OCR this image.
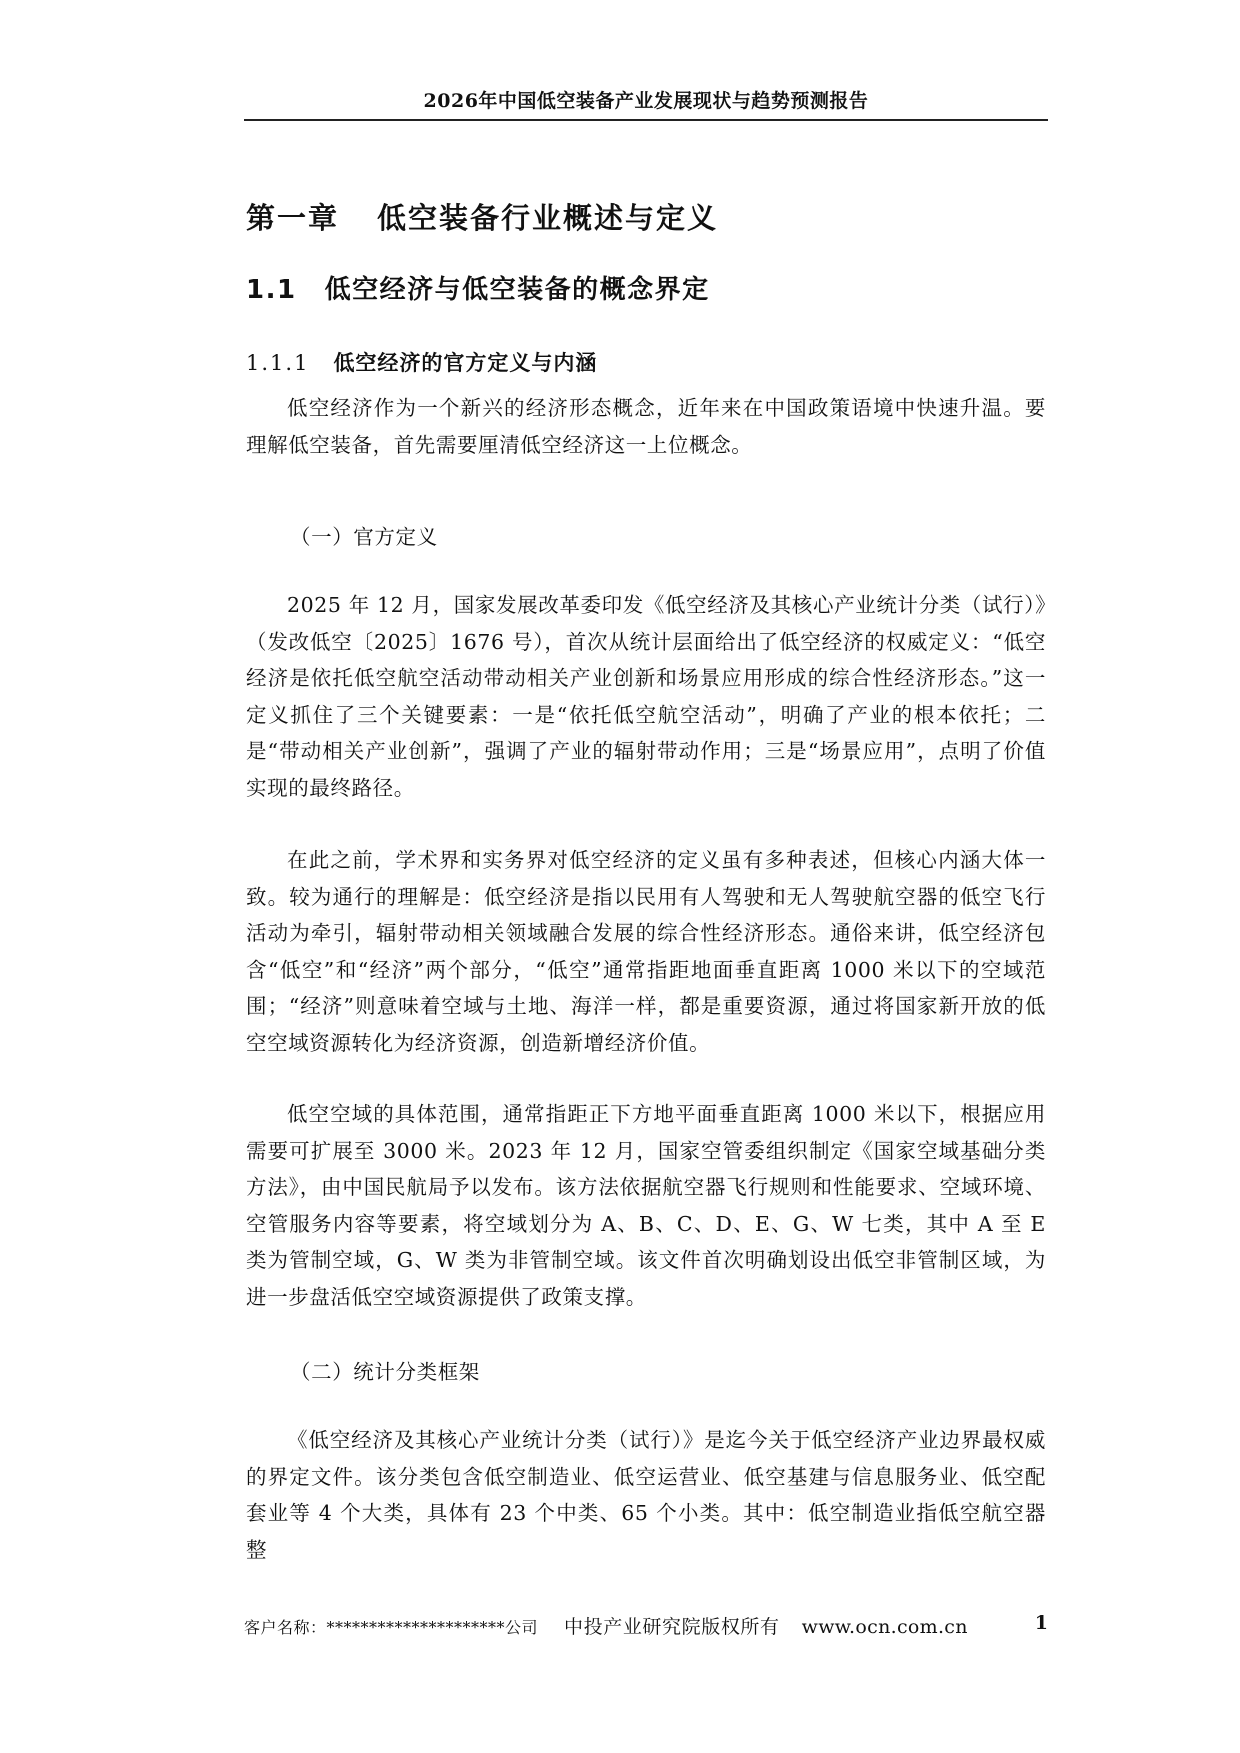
2026年中国低空装备产业发展现状与趋势预测报告
第一章 低空装备行业概述与定义
1.1 低空经济与低空装备的概念界定
1.1.1 低空经济的官方定义与内涵

低空经济作为一个新兴的经济形态概念，近年来在中国政策语境中快速升温。要理解低空装备，首先需要厘清低空经济这一上位概念。

（一）官方定义

2025 年 12 月，国家发展改革委印发《低空经济及其核心产业统计分类（试行）》（发改低空〔2025〕1676 号），首次从统计层面给出了低空经济的权威定义：“低空经济是依托低空航空活动带动相关产业创新和场景应用形成的综合性经济形态。”这一定义抓住了三个关键要素：一是“依托低空航空活动”，明确了产业的根本依托；二是“带动相关产业创新”，强调了产业的辐射带动作用；三是“场景应用”，点明了价值实现的最终路径。

在此之前，学术界和实务界对低空经济的定义虽有多种表述，但核心内涵大体一致。较为通行的理解是：低空经济是指以民用有人驾驶和无人驾驶航空器的低空飞行活动为牵引，辐射带动相关领域融合发展的综合性经济形态。通俗来讲，低空经济包含“低空”和“经济”两个部分，“低空”通常指距地面垂直距离 1000 米以下的空域范围；“经济”则意味着空域与土地、海洋一样，都是重要资源，通过将国家新开放的低空空域资源转化为经济资源，创造新增经济价值。

低空空域的具体范围，通常指距正下方地平面垂直距离 1000 米以下，根据应用需要可扩展至 3000 米。2023 年 12 月，国家空管委组织制定《国家空域基础分类方法》，由中国民航局予以发布。该方法依据航空器飞行规则和性能要求、空域环境、空管服务内容等要素，将空域划分为 A、B、C、D、E、G、W 七类，其中 A 至 E 类为管制空域，G、W 类为非管制空域。该文件首次明确划设出低空非管制区域，为进一步盘活低空空域资源提供了政策支撑。

（二）统计分类框架

《低空经济及其核心产业统计分类（试行）》是迄今关于低空经济产业边界最权威的界定文件。该分类包含低空制造业、低空运营业、低空基建与信息服务业、低空配套业等 4 个大类，具体有 23 个中类、65 个小类。其中：低空制造业指低空航空器整

客户名称：*********************公司 中投产业研究院版权所有 www.ocn.com.cn	1
